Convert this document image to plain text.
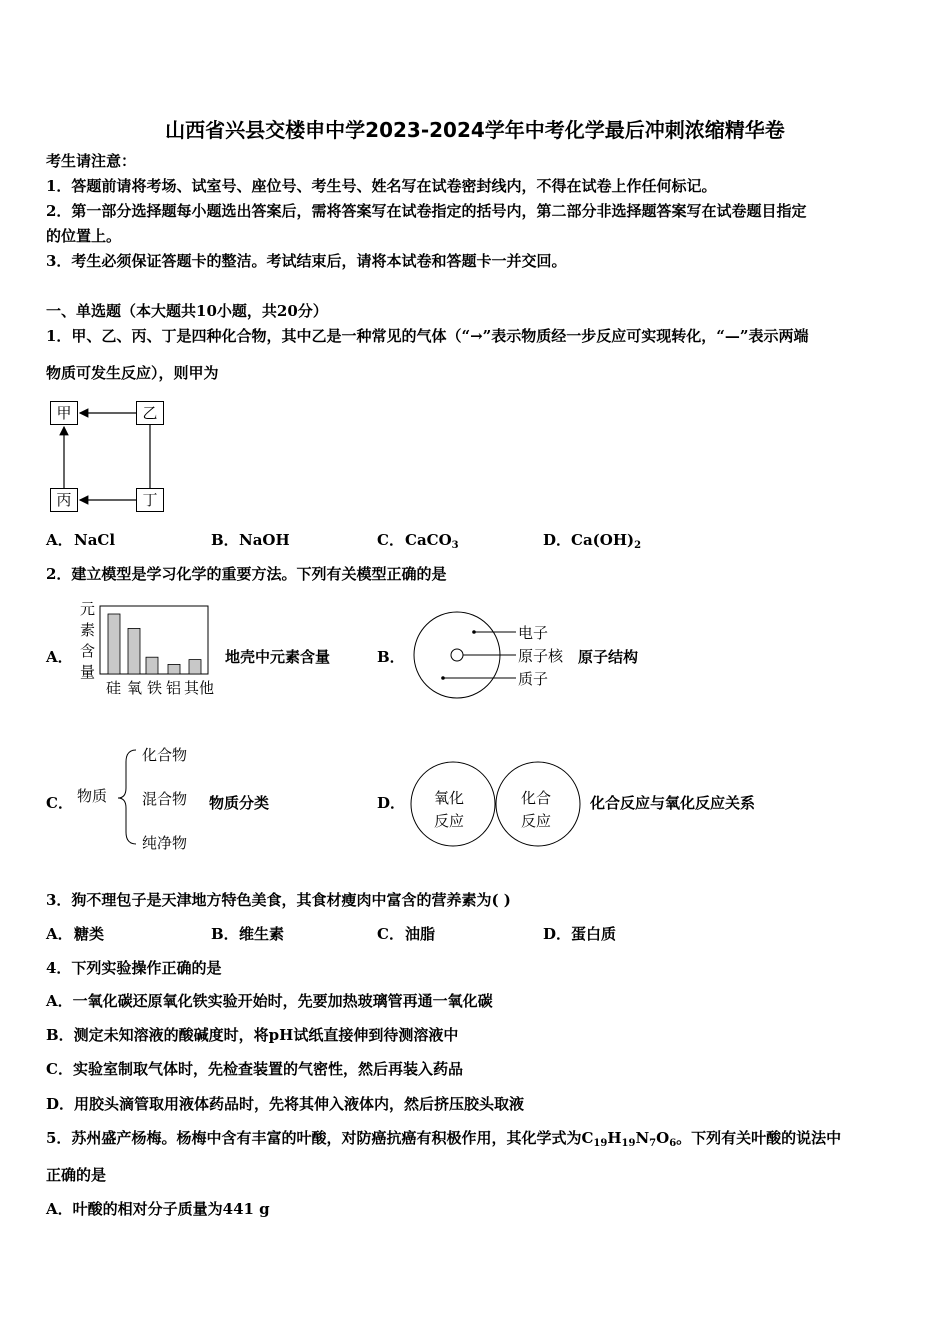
山西省兴县交楼申中学2023-2024学年中考化学最后冲刺浓缩精华卷
考生请注意：
1．答题前请将考场、试室号、座位号、考生号、姓名写在试卷密封线内，不得在试卷上作任何标记。
2．第一部分选择题每小题选出答案后，需将答案写在试卷指定的括号内，第二部分非选择题答案写在试卷题目指定
的位置上。
3．考生必须保证答题卡的整洁。考试结束后，请将本试卷和答题卡一并交回。
一、单选题（本大题共10小题，共20分）
1．甲、乙、丙、丁是四种化合物，其中乙是一种常见的气体（“→”表示物质经一步反应可实现转化，“—”表示两端
物质可发生反应），则甲为
甲	乙
丙	丁
A． NaCl	B． NaOH	C． CaCO$_3$	D． $Ca(OH)_2$
2．建立模型是学习化学的重要方法。下列有关模型正确的是
A．
元
素
含
量
硅 氧 铁 铝 其他
地壳中元素含量	B．
电子
原子核
质子
原子结构
C． 物质
化合物
混合物
纯净物
物质分类	D． 氧化
反应
化合
反应
化合反应与氧化反应关系
3．狗不理包子是天津地方特色美食，其食材瘦肉中富含的营养素为( )
A． 糖类	B． 维生素	C． 油脂	D． 蛋白质
4．下列实验操作正确的是
A．一氧化碳还原氧化铁实验开始时，先要加热玻璃管再通一氧化碳
B．测定未知溶液的酸碱度时，将pH试纸直接伸到待测溶液中
C．实验室制取气体时，先检查装置的气密性，然后再装入药品
D．用胶头滴管取用液体药品时，先将其伸入液体内，然后挤压胶头取液
5．苏州盛产杨梅。杨梅中含有丰富的叶酸，对防癌抗癌有积极作用，其化学式为$C_{19}H_{19}N_7O_6$。下列有关叶酸的说法中
正确的是
A．叶酸的相对分子质量为441 g
